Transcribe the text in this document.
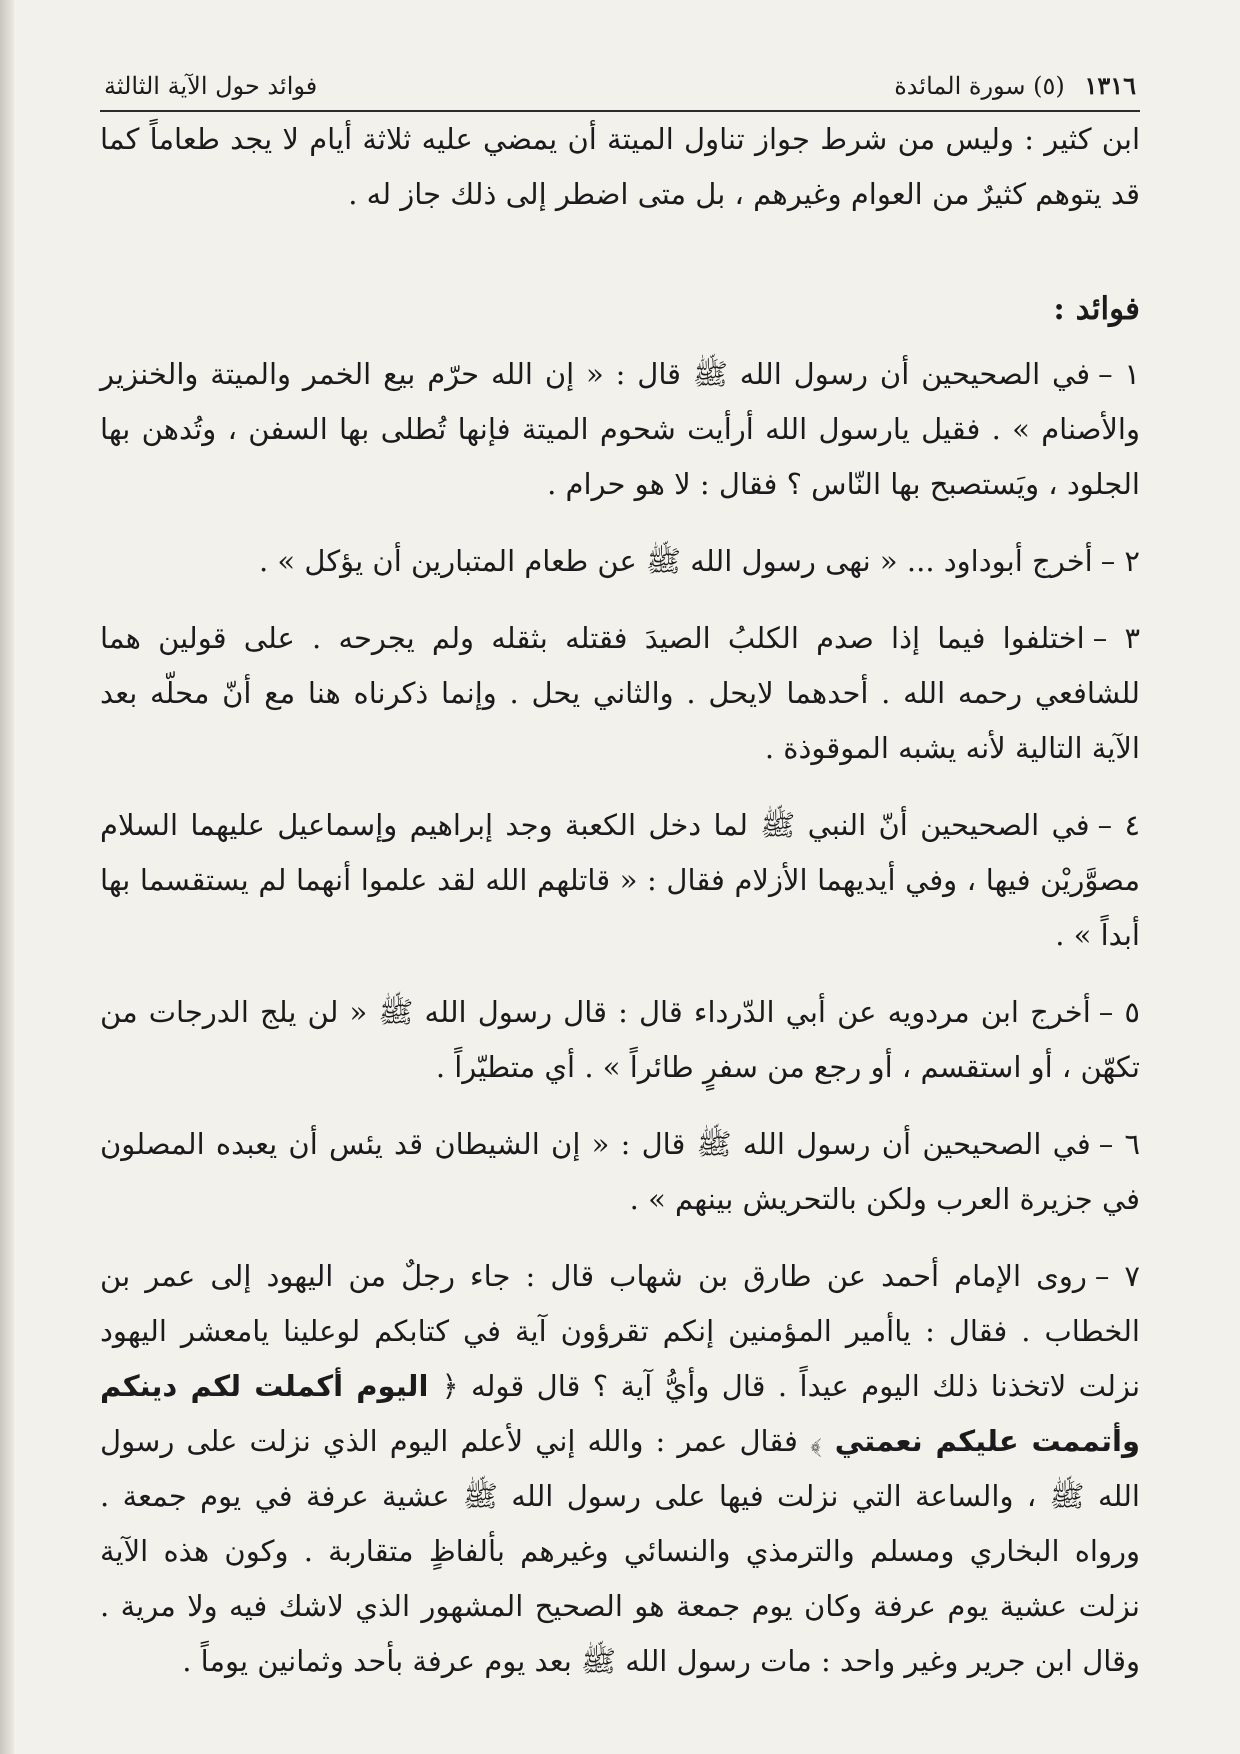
١٣١٦ (٥) سورة المائدة
فوائد حول الآية الثالثة

ابن كثير : وليس من شرط جواز تناول الميتة أن يمضي عليه ثلاثة أيام لا يجد طعاماً كما قد يتوهم كثيرٌ من العوام وغيرهم ، بل متى اضطر إلى ذلك جاز له .

فوائد :

١ –في الصحيحين أن رسول الله ﷺ قال : « إن الله حرّم بيع الخمر والميتة والخنزير والأصنام » . فقيل يارسول الله أرأيت شحوم الميتة فإنها تُطلى بها السفن ، وتُدهن بها الجلود ، ويَستصبح بها النّاس ؟ فقال : لا هو حرام .

٢ –أخرج أبوداود ... « نهى رسول الله ﷺ عن طعام المتبارين أن يؤكل » .

٣ –اختلفوا فيما إذا صدم الكلبُ الصيدَ فقتله بثقله ولم يجرحه . على قولين هما للشافعي رحمه الله . أحدهما لايحل . والثاني يحل . وإنما ذكرناه هنا مع أنّ محلّه بعد الآية التالية لأنه يشبه الموقوذة .

٤ –في الصحيحين أنّ النبي ﷺ لما دخل الكعبة وجد إبراهيم وإسماعيل عليهما السلام مصوَّريْن فيها ، وفي أيديهما الأزلام فقال : « قاتلهم الله لقد علموا أنهما لم يستقسما بها أبداً » .

٥ –أخرج ابن مردويه عن أبي الدّرداء قال : قال رسول الله ﷺ « لن يلج الدرجات من تكهّن ، أو استقسم ، أو رجع من سفرٍ طائراً » . أي متطيّراً .

٦ –في الصحيحين أن رسول الله ﷺ قال : « إن الشيطان قد يئس أن يعبده المصلون في جزيرة العرب ولكن بالتحريش بينهم » .

٧ –روى الإمام أحمد عن طارق بن شهاب قال : جاء رجلٌ من اليهود إلى عمر بن الخطاب . فقال : ياأمير المؤمنين إنكم تقرؤون آية في كتابكم لوعلينا يامعشر اليهود نزلت لاتخذنا ذلك اليوم عيداً . قال وأيُّ آية ؟ قال قوله ﴿ اليوم أكملت لكم دينكم وأتممت عليكم نعمتي ﴾ فقال عمر : والله إني لأعلم اليوم الذي نزلت على رسول الله ﷺ ، والساعة التي نزلت فيها على رسول الله ﷺ عشية عرفة في يوم جمعة . ورواه البخاري ومسلم والترمذي والنسائي وغيرهم بألفاظٍ متقاربة . وكون هذه الآية نزلت عشية يوم عرفة وكان يوم جمعة هو الصحيح المشهور الذي لاشك فيه ولا مرية . وقال ابن جرير وغير واحد : مات رسول الله ﷺ بعد يوم عرفة بأحد وثمانين يوماً .
